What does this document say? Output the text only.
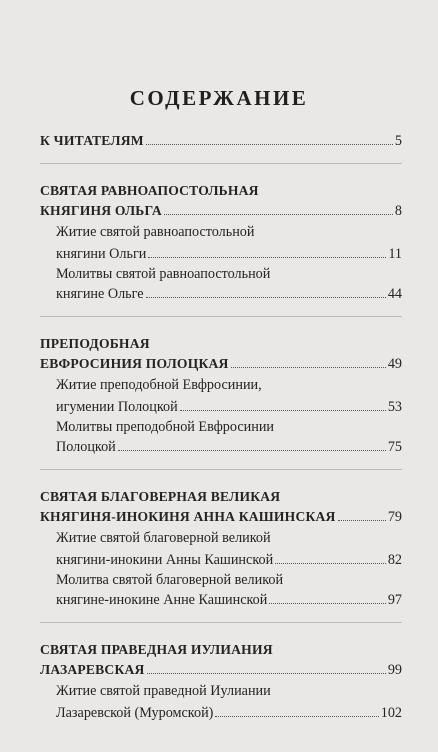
СОДЕРЖАНИЕ
К ЧИТАТЕЛЯМ	5
СВЯТАЯ РАВНОАПОСТОЛЬНАЯ
КНЯГИНЯ ОЛЬГА	8
Житие святой равноапостольной
княгини Ольги	11
Молитвы святой равноапостольной
княгине Ольге	44
ПРЕПОДОБНАЯ
ЕВФРОСИНИЯ ПОЛОЦКАЯ	49
Житие преподобной Евфросинии,
игумении Полоцкой	53
Молитвы преподобной Евфросинии
Полоцкой	75
СВЯТАЯ БЛАГОВЕРНАЯ ВЕЛИКАЯ
КНЯГИНЯ-ИНОКИНЯ АННА КАШИНСКАЯ	79
Житие святой благоверной великой
княгини-инокини Анны Кашинской	82
Молитва святой благоверной великой
княгине-инокине Анне Кашинской	97
СВЯТАЯ ПРАВЕДНАЯ ИУЛИАНИЯ
ЛАЗАРЕВСКАЯ	99
Житие святой праведной Иулиании
Лазаревской (Муромской)	102
